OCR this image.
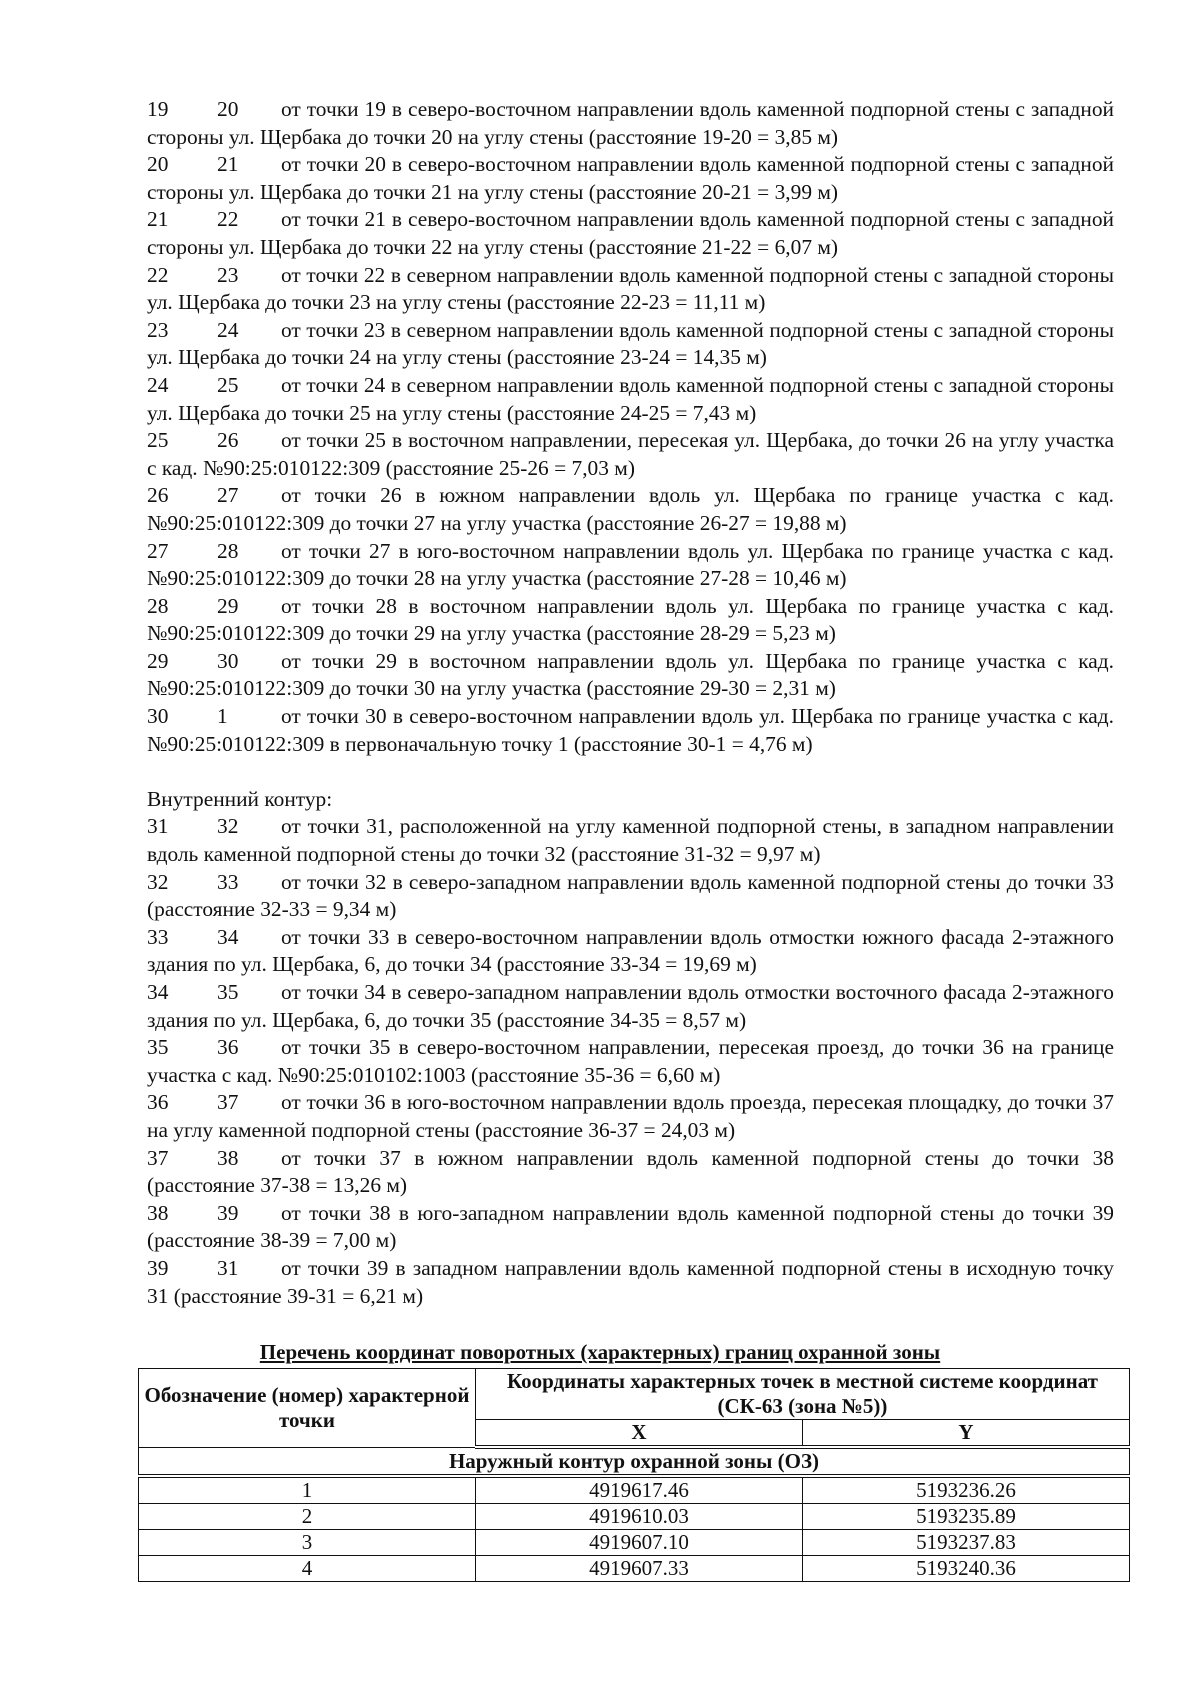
19 20 от точки 19 в северо-восточном направлении вдоль каменной подпорной стены с западной стороны ул. Щербака до точки 20 на углу стены (расстояние 19-20 = 3,85 м)
20 21 от точки 20 в северо-восточном направлении вдоль каменной подпорной стены с западной стороны ул. Щербака до точки 21 на углу стены (расстояние 20-21 = 3,99 м)
21 22 от точки 21 в северо-восточном направлении вдоль каменной подпорной стены с западной стороны ул. Щербака до точки 22 на углу стены (расстояние 21-22 = 6,07 м)
22 23 от точки 22 в северном направлении вдоль каменной подпорной стены с западной стороны ул. Щербака до точки 23 на углу стены (расстояние 22-23 = 11,11 м)
23 24 от точки 23 в северном направлении вдоль каменной подпорной стены с западной стороны ул. Щербака до точки 24 на углу стены (расстояние 23-24 = 14,35 м)
24 25 от точки 24 в северном направлении вдоль каменной подпорной стены с западной стороны ул. Щербака до точки 25 на углу стены (расстояние 24-25 = 7,43 м)
25 26 от точки 25 в восточном направлении, пересекая ул. Щербака, до точки 26 на углу участка с кад. №90:25:010122:309 (расстояние 25-26 = 7,03 м)
26 27 от точки 26 в южном направлении вдоль ул. Щербака по границе участка с кад. №90:25:010122:309 до точки 27 на углу участка (расстояние 26-27 = 19,88 м)
27 28 от точки 27 в юго-восточном направлении вдоль ул. Щербака по границе участка с кад. №90:25:010122:309 до точки 28 на углу участка (расстояние 27-28 = 10,46 м)
28 29 от точки 28 в восточном направлении вдоль ул. Щербака по границе участка с кад. №90:25:010122:309 до точки 29 на углу участка (расстояние 28-29 = 5,23 м)
29 30 от точки 29 в восточном направлении вдоль ул. Щербака по границе участка с кад. №90:25:010122:309 до точки 30 на углу участка (расстояние 29-30 = 2,31 м)
30 1 от точки 30 в северо-восточном направлении вдоль ул. Щербака по границе участка с кад. №90:25:010122:309 в первоначальную точку 1 (расстояние 30-1 = 4,76 м)
Внутренний контур:
31 32 от точки 31, расположенной на углу каменной подпорной стены, в западном направлении вдоль каменной подпорной стены до точки 32 (расстояние 31-32 = 9,97 м)
32 33 от точки 32 в северо-западном направлении вдоль каменной подпорной стены до точки 33 (расстояние 32-33 = 9,34 м)
33 34 от точки 33 в северо-восточном направлении вдоль отмостки южного фасада 2-этажного здания по ул. Щербака, 6, до точки 34 (расстояние 33-34 = 19,69 м)
34 35 от точки 34 в северо-западном направлении вдоль отмостки восточного фасада 2-этажного здания по ул. Щербака, 6, до точки 35 (расстояние 34-35 = 8,57 м)
35 36 от точки 35 в северо-восточном направлении, пересекая проезд, до точки 36 на границе участка с кад. №90:25:010102:1003 (расстояние 35-36 = 6,60 м)
36 37 от точки 36 в юго-восточном направлении вдоль проезда, пересекая площадку, до точки 37 на углу каменной подпорной стены (расстояние 36-37 = 24,03 м)
37 38 от точки 37 в южном направлении вдоль каменной подпорной стены до точки 38 (расстояние 37-38 = 13,26 м)
38 39 от точки 38 в юго-западном направлении вдоль каменной подпорной стены до точки 39 (расстояние 38-39 = 7,00 м)
39 31 от точки 39 в западном направлении вдоль каменной подпорной стены в исходную точку 31 (расстояние 39-31 = 6,21 м)
Перечень координат поворотных (характерных) границ охранной зоны
Обозначение (номер) характерной точки	Координаты характерных точек в местной системе координат (СК-63 (зона №5))	
	X	Y
Наружный контур охранной зоны (ОЗ)		
1	4919617.46	5193236.26
2	4919610.03	5193235.89
3	4919607.10	5193237.83
4	4919607.33	5193240.36
